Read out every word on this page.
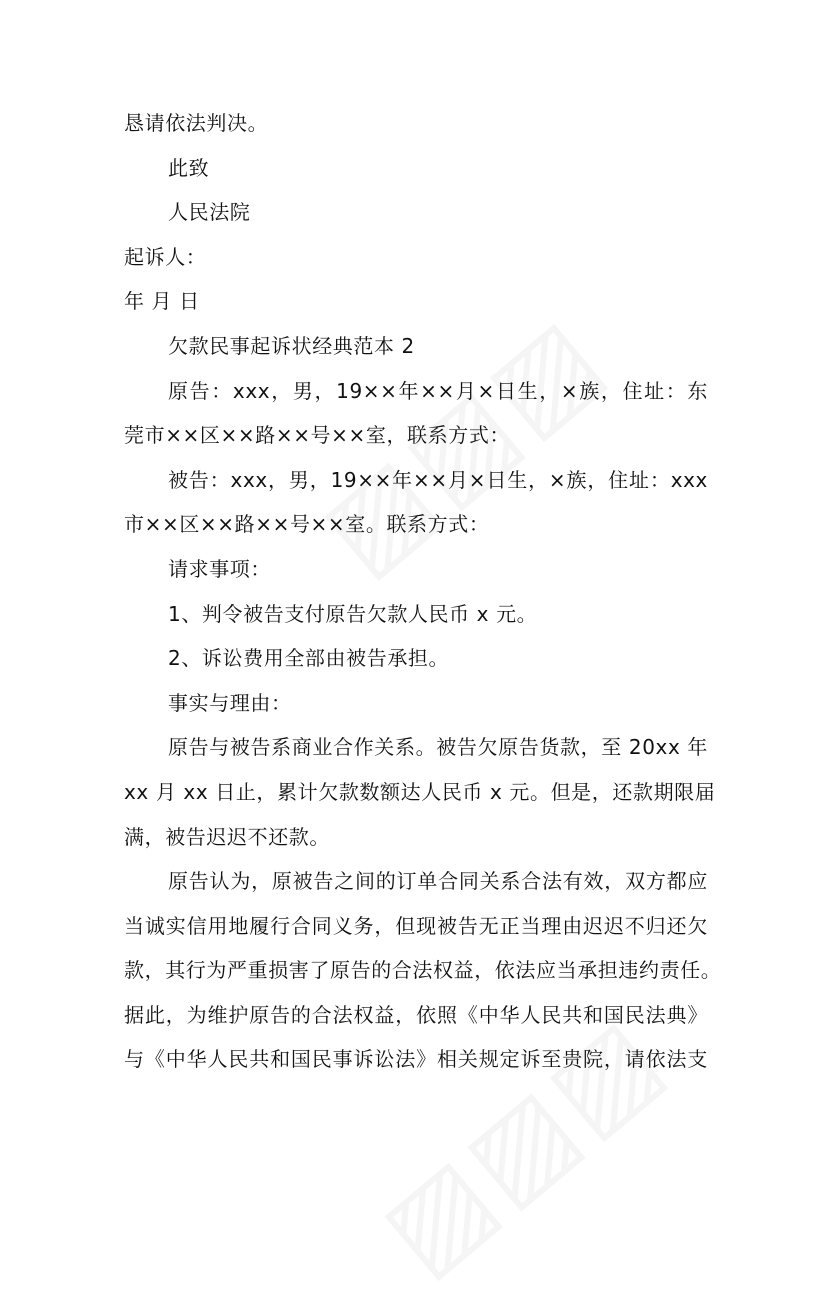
恳请依法判决。
此致
人民法院
起诉人：
年 月 日
欠款民事起诉状经典范本 2
原告：xxx，男，19××年××月×日生，×族，住址：东
莞市××区××路××号××室，联系方式：
被告：xxx，男，19××年××月×日生，×族，住址：xxx
市××区××路××号××室。联系方式：
请求事项：
1、判令被告支付原告欠款人民币 x 元。
2、诉讼费用全部由被告承担。
事实与理由：
原告与被告系商业合作关系。被告欠原告货款，至 20xx 年
xx 月 xx 日止，累计欠款数额达人民币 x 元。但是，还款期限届
满，被告迟迟不还款。
原告认为，原被告之间的订单合同关系合法有效，双方都应
当诚实信用地履行合同义务，但现被告无正当理由迟迟不归还欠
款，其行为严重损害了原告的合法权益，依法应当承担违约责任。
据此，为维护原告的合法权益，依照《中华人民共和国民法典》
与《中华人民共和国民事诉讼法》相关规定诉至贵院，请依法支
